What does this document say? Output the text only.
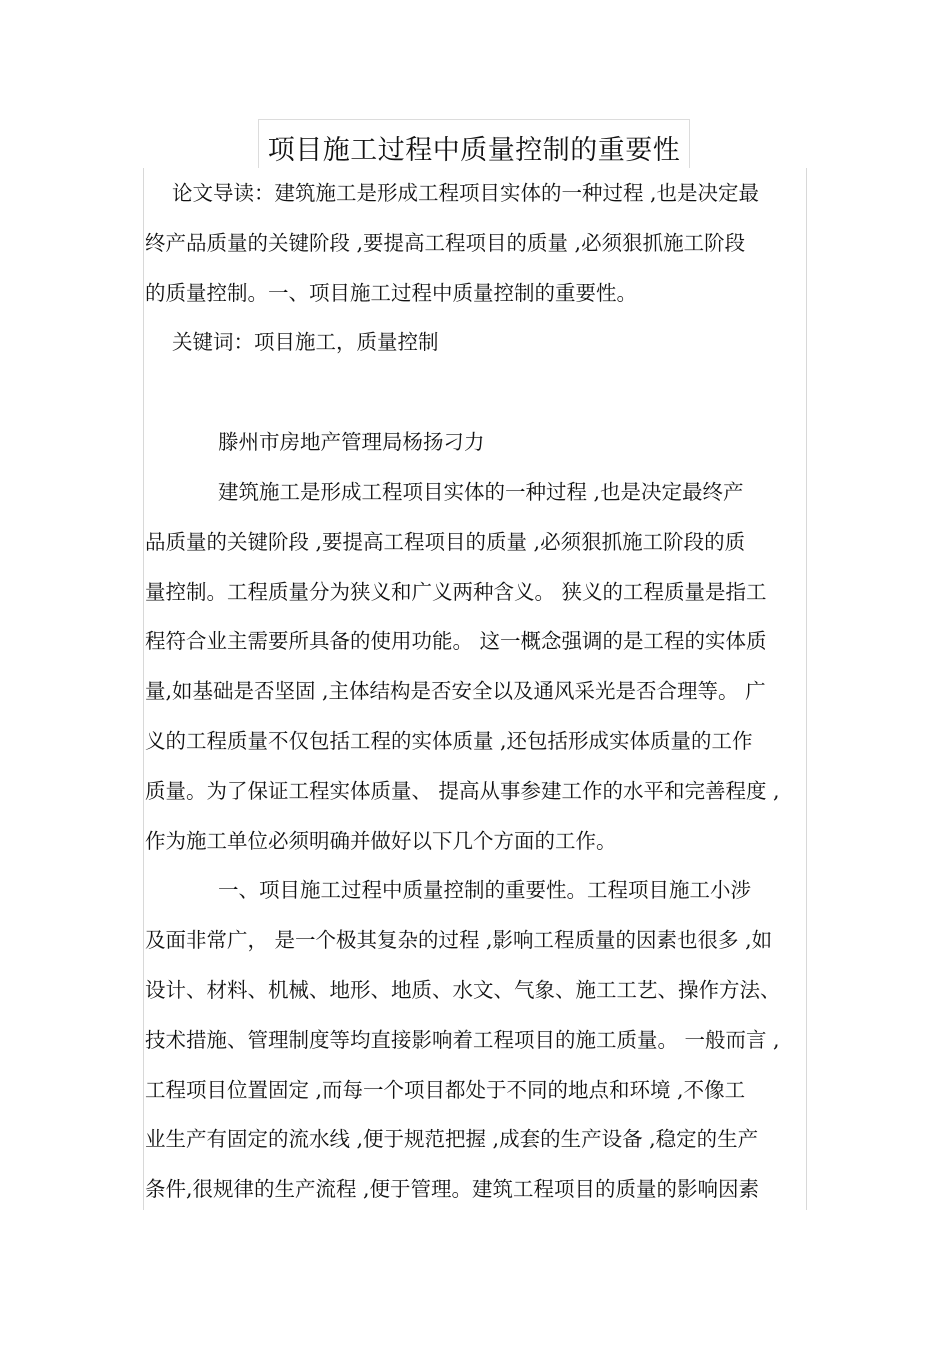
项目施工过程中质量控制的重要性
论文导读：建筑施工是形成工程项目实体的一种过程 ,也是决定最
终产品质量的关键阶段 ,要提高工程项目的质量 ,必须狠抓施工阶段
的质量控制。一、项目施工过程中质量控制的重要性。
关键词：项目施工，质量控制
滕州市房地产管理局杨扬刁力
建筑施工是形成工程项目实体的一种过程 ,也是决定最终产
品质量的关键阶段 ,要提高工程项目的质量 ,必须狠抓施工阶段的质
量控制。工程质量分为狭义和广义两种含义。 狭义的工程质量是指工
程符合业主需要所具备的使用功能。 这一概念强调的是工程的实体质
量,如基础是否坚固 ,主体结构是否安全以及通风采光是否合理等。 广
义的工程质量不仅包括工程的实体质量 ,还包括形成实体质量的工作
质量。为了保证工程实体质量、 提高从事参建工作的水平和完善程度 ,
作为施工单位必须明确并做好以下几个方面的工作。
一、项目施工过程中质量控制的重要性。工程项目施工小涉
及面非常广， 是一个极其复杂的过程 ,影响工程质量的因素也很多 ,如
设计、材料、机械、地形、地质、水文、气象、施工工艺、操作方法、
技术措施、管理制度等均直接影响着工程项目的施工质量。 一般而言 ,
工程项目位置固定 ,而每一个项目都处于不同的地点和环境 ,不像工
业生产有固定的流水线 ,便于规范把握 ,成套的生产设备 ,稳定的生产
条件,很规律的生产流程 ,便于管理。建筑工程项目的质量的影响因素
